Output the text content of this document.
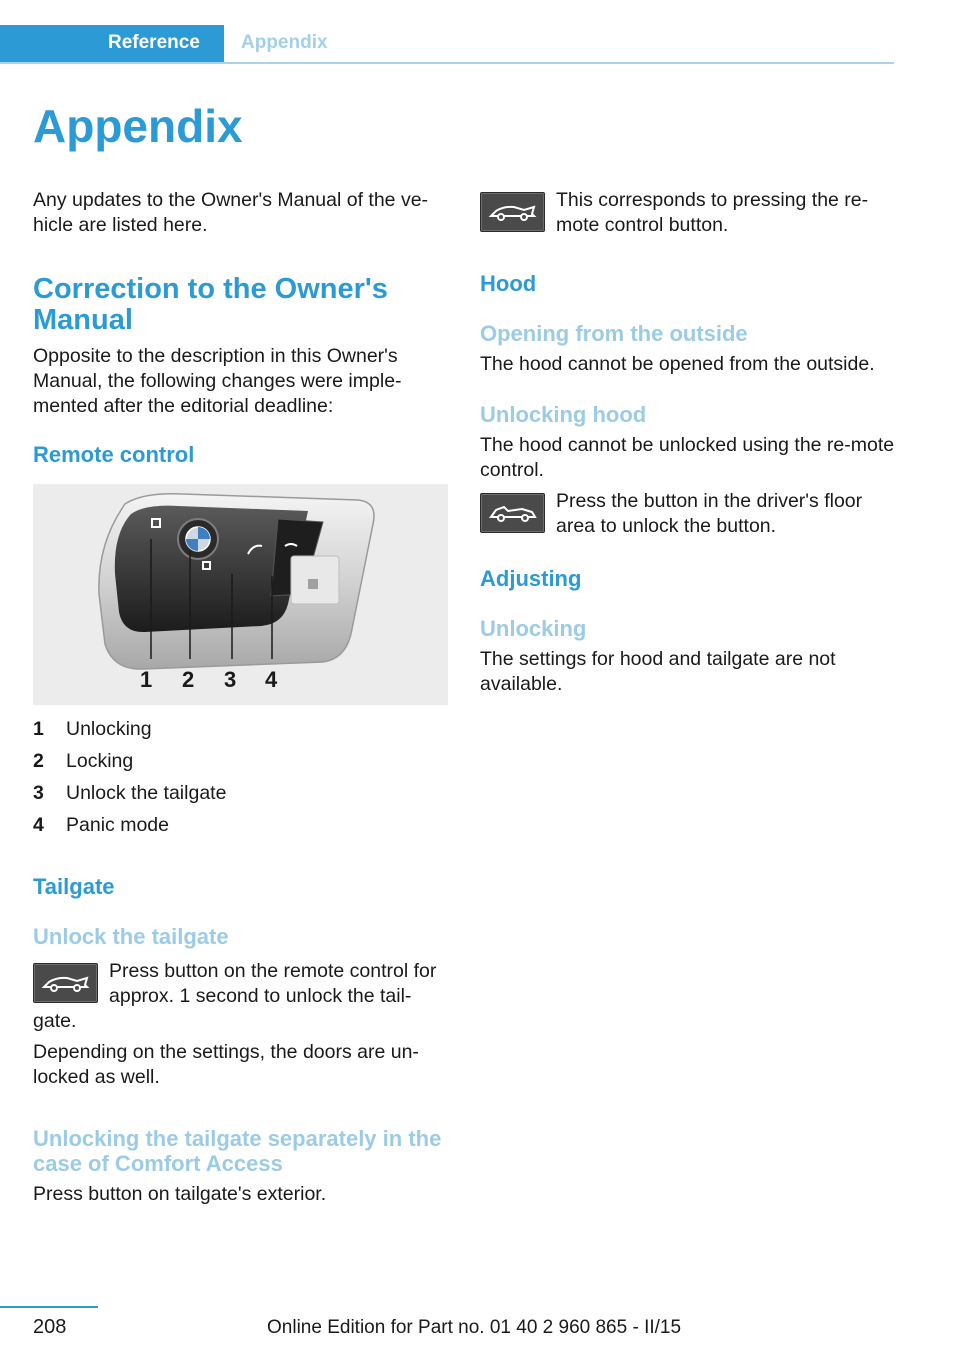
Reference Appendix
Appendix

Any updates to the Owner's Manual of the ve-hicle are listed here.

Correction to the Owner's Manual

Opposite to the description in this Owner's Manual, the following changes were imple-mented after the editorial deadline:

Remote control
1 2 3 4
1	Unlocking
2	Locking
3	Unlock the tailgate
4	Panic mode
Tailgate
Unlock the tailgate

Press button on the remote control for approx. 1 second to unlock the tail-gate.

Depending on the settings, the doors are un-locked as well.

Unlocking the tailgate separately in the case of Comfort Access

Press button on tailgate's exterior.

This corresponds to pressing the re-mote control button.

Hood
Opening from the outside

The hood cannot be opened from the outside.

Unlocking hood

The hood cannot be unlocked using the re-mote control.

Press the button in the driver's floor area to unlock the button.

Adjusting
Unlocking

The settings for hood and tailgate are not available.

208	Online Edition for Part no. 01 40 2 960 865 - II/15
